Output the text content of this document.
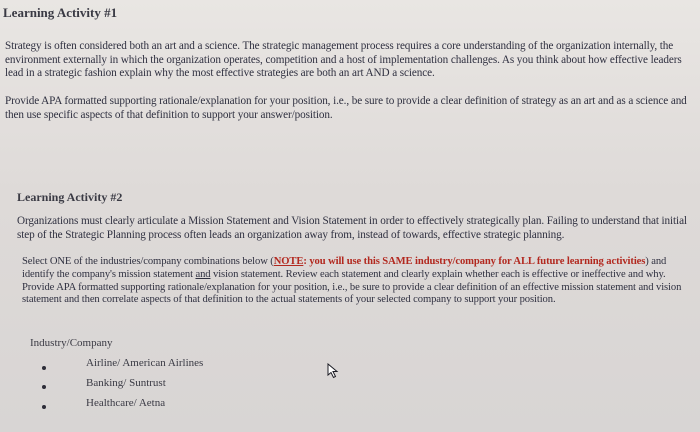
Learning Activity #1

Strategy is often considered both an art and a science. The strategic management process requires a core understanding of the organization internally, the environment externally in which the organization operates, competition and a host of implementation challenges. As you think about how effective leaders lead in a strategic fashion explain why the most effective strategies are both an art AND a science.

Provide APA formatted supporting rationale/explanation for your position, i.e., be sure to provide a clear definition of strategy as an art and as a science and then use specific aspects of that definition to support your answer/position.

Learning Activity #2

Organizations must clearly articulate a Mission Statement and Vision Statement in order to effectively strategically plan. Failing to understand that initial step of the Strategic Planning process often leads an organization away from, instead of towards, effective strategic planning.

Select ONE of the industries/company combinations below (NOTE: you will use this SAME industry/company for ALL future learning activities) and identify the company's mission statement and vision statement. Review each statement and clearly explain whether each is effective or ineffective and why. Provide APA formatted supporting rationale/explanation for your position, i.e., be sure to provide a clear definition of an effective mission statement and vision statement and then correlate aspects of that definition to the actual statements of your selected company to support your position.

Industry/Company

Airline/ American Airlines

Banking/ Suntrust

Healthcare/ Aetna
